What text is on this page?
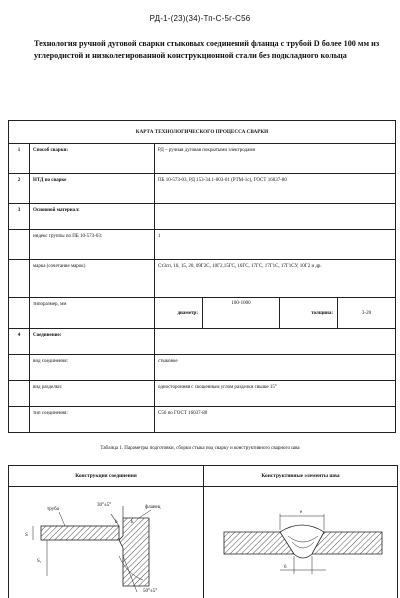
РД-1-(23)(34)-Тп-С-5г-С56
Технология ручной дуговой сварки стыковых соединений фланца с трубой D более 100 мм из углеродистой и низколегированной конструкционной стали без подкладного кольца
КАРТА ТЕХНОЛОГИЧЕСКОГО ПРОЦЕССА СВАРКИ
1	Способ сварки:	РД – ручная дуговая покрытыми электродами
2	НТД по сварке	ПБ 10-573-03, РД 153-34.1-003-01 (РТМ-1с), ГОСТ 16037-80
3	Основной материал:	
	индекс группы по ПБ 10-573-03:	1
	марка (сочетание марок)	Ст3сп, 10, 15, 20, 09Г2С, 10Г2,15ГС, 16ГС, 17ГС, 17Г1С, 17Г1СУ, 10Г2 и др.
	типоразмер, мм	
диаметр:	100-1000	толщина:	3-20

4	Соединение:	
	вид соединения:	стыковое
	вид разделки:	односторонняя с скошенным углом разделки свыше 15°
	тип соединения:	С56 по ГОСТ 16037-80
Таблица 1. Параметры подготовки, сборки стыка под сварку и конструктивного сварного шва
Конструкция соединения	Конструктивные элементы шва
труба	фланец
30°±5°
b	k
S
S₁
50°±5°
e
6
